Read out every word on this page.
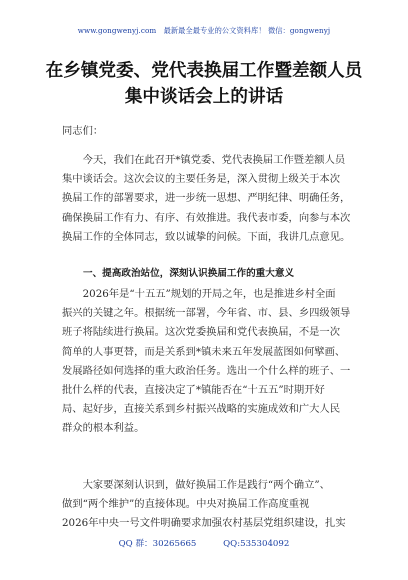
www.gongwenyj.com　最新最全最专业的公文资料库！ 微信：gongwenyj
在乡镇党委、党代表换届工作暨差额人员
集中谈话会上的讲话
同志们：
　　今天，我们在此召开*镇党委、党代表换届工作暨差额人员
集中谈话会。这次会议的主要任务是，深入贯彻上级关于本次
换届工作的部署要求，进一步统一思想、严明纪律、明确任务，
确保换届工作有力、有序、有效推进。我代表市委，向参与本次
换届工作的全体同志，致以诚挚的问候。下面，我讲几点意见。
一、提高政治站位，深刻认识换届工作的重大意义
　　2026年是“十五五”规划的开局之年，也是推进乡村全面
振兴的关键之年。根据统一部署，今年省、市、县、乡四级领导
班子将陆续进行换届。这次党委换届和党代表换届，不是一次
简单的人事更替，而是关系到*镇未来五年发展蓝图如何擘画、
发展路径如何选择的重大政治任务。选出一个什么样的班子、一
批什么样的代表，直接决定了*镇能否在“十五五”时期开好
局、起好步，直接关系到乡村振兴战略的实施成效和广大人民
群众的根本利益。
　　大家要深刻认识到，做好换届工作是践行“两个确立”、
做到“两个维护”的直接体现。中央对换届工作高度重视
2026年中央一号文件明确要求加强农村基层党组织建设，扎实
QQ 群：30265665	QQ:535304092
